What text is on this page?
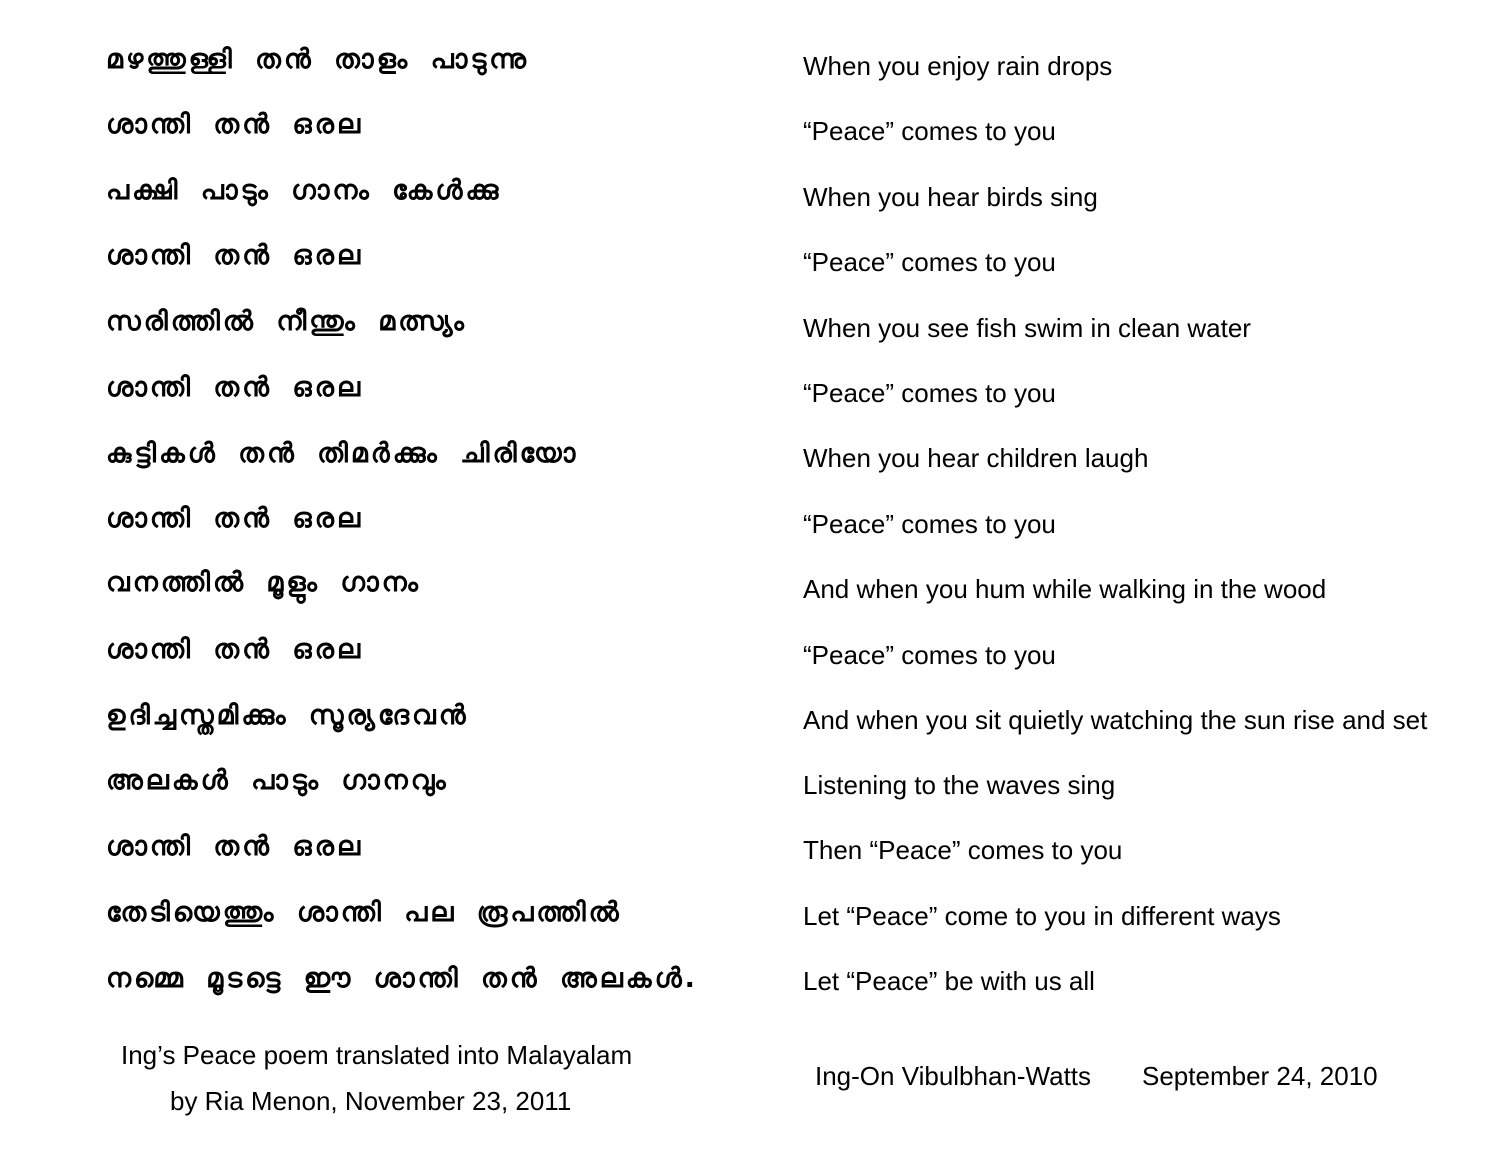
മഴത്തുള്ളി തൻ താളം പാടുന്നു
ശാന്തി തൻ ഒരല
പക്ഷി പാടും ഗാനം കേൾക്കു
ശാന്തി തൻ ഒരല
സരിത്തിൽ നീന്തും മത്സ്യം
ശാന്തി തൻ ഒരല
കുട്ടികൾ തൻ തിമർക്കും ചിരിയോ
ശാന്തി തൻ ഒരല
വനത്തിൽ മൂളും ഗാനം
ശാന്തി തൻ ഒരല
ഉദിച്ചസ്തമിക്കും സൂര്യദേവൻ
അലകൾ പാടും ഗാനവും
ശാന്തി തൻ ഒരല
തേടിയെത്തും ശാന്തി പല രൂപത്തിൽ
നമ്മെ മൂടട്ടെ ഈ ശാന്തി തൻ അലകൾ.
When you enjoy rain drops
“Peace” comes to you
When you hear birds sing
“Peace” comes to you
When you see fish swim in clean water
“Peace” comes to you
When you hear children laugh
“Peace” comes to you
And when you hum while walking in the wood
“Peace” comes to you
And when you sit quietly watching the sun rise and set
Listening to the waves sing
Then “Peace” comes to you
Let “Peace” come to you in different ways
Let “Peace” be with us all
Ing’s Peace poem translated into Malayalam
by Ria Menon, November 23, 2011
Ing-On Vibulbhan-Watts September 24, 2010
